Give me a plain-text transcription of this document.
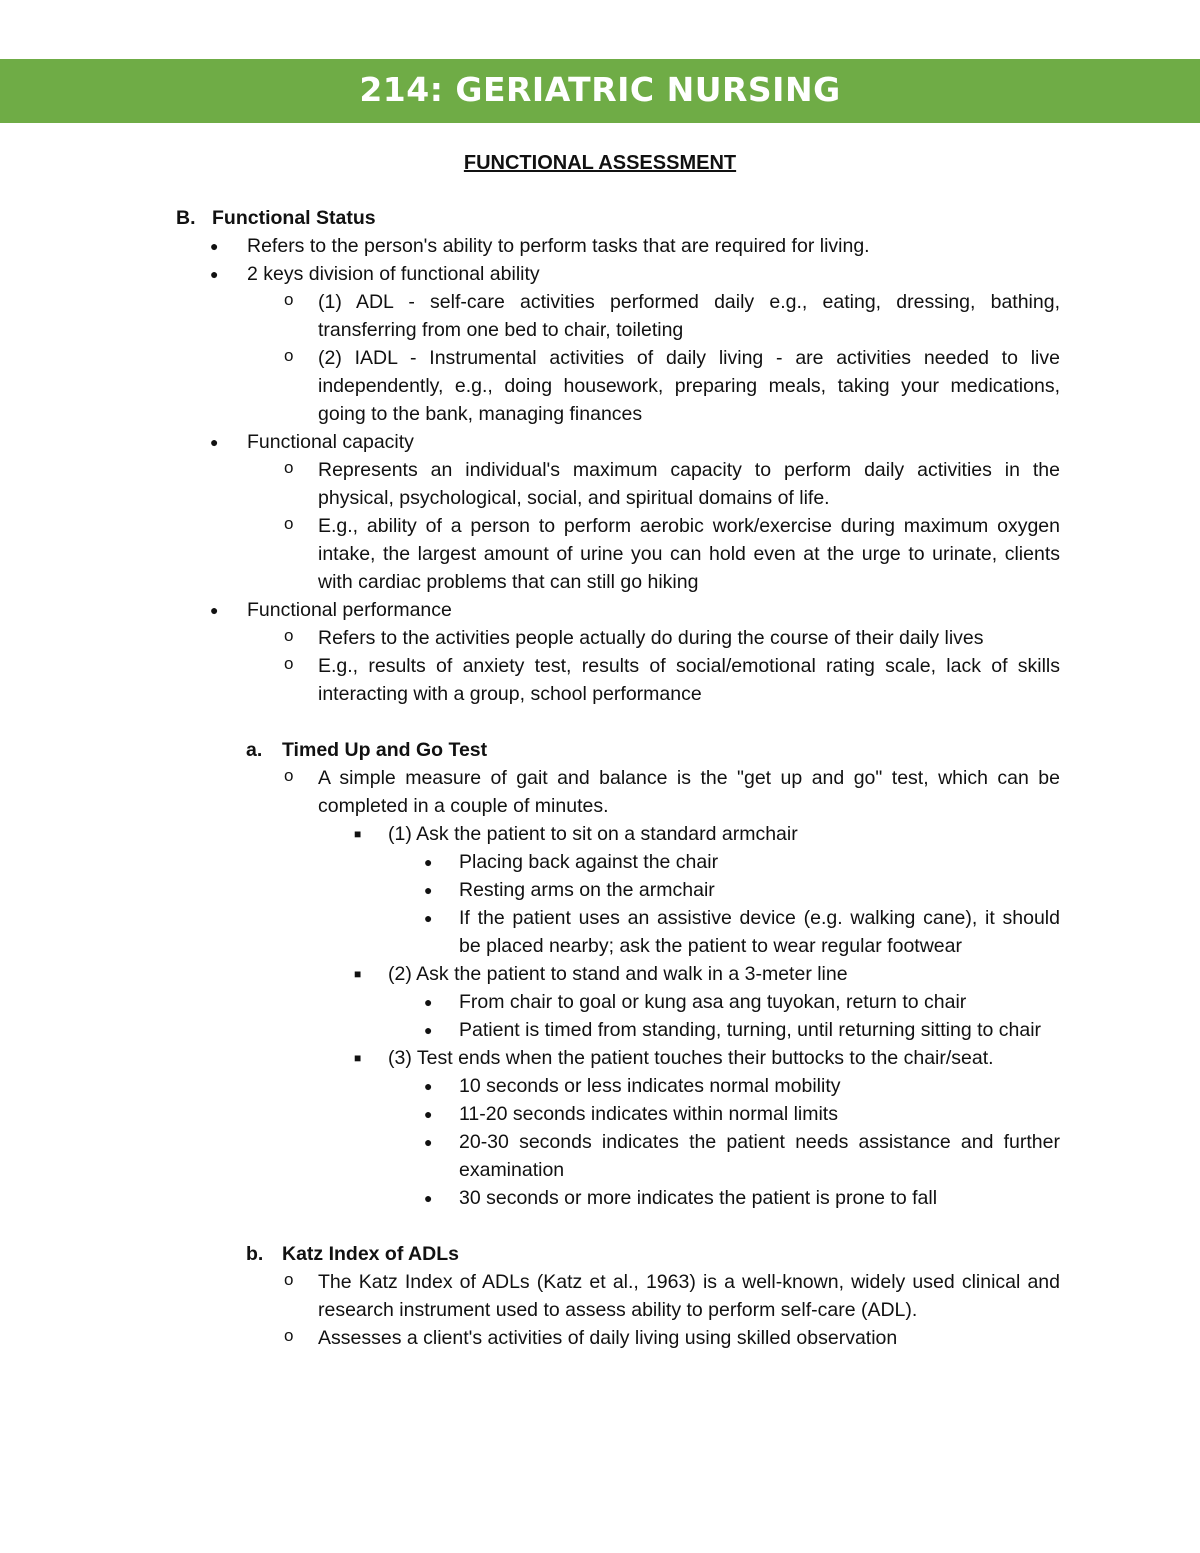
214: GERIATRIC NURSING
FUNCTIONAL ASSESSMENT
B. Functional Status
● Refers to the person's ability to perform tasks that are required for living.
● 2 keys division of functional ability
o (1) ADL - self-care activities performed daily e.g., eating, dressing, bathing, transferring from one bed to chair, toileting
o (2) IADL - Instrumental activities of daily living - are activities needed to live independently, e.g., doing housework, preparing meals, taking your medications, going to the bank, managing finances
● Functional capacity
o Represents an individual's maximum capacity to perform daily activities in the physical, psychological, social, and spiritual domains of life.
o E.g., ability of a person to perform aerobic work/exercise during maximum oxygen intake, the largest amount of urine you can hold even at the urge to urinate, clients with cardiac problems that can still go hiking
● Functional performance
o Refers to the activities people actually do during the course of their daily lives
o E.g., results of anxiety test, results of social/emotional rating scale, lack of skills interacting with a group, school performance
a. Timed Up and Go Test
o A simple measure of gait and balance is the "get up and go" test, which can be completed in a couple of minutes.
■ (1) Ask the patient to sit on a standard armchair
● Placing back against the chair
● Resting arms on the armchair
● If the patient uses an assistive device (e.g. walking cane), it should be placed nearby; ask the patient to wear regular footwear
■ (2) Ask the patient to stand and walk in a 3-meter line
● From chair to goal or kung asa ang tuyokan, return to chair
● Patient is timed from standing, turning, until returning sitting to chair
■ (3) Test ends when the patient touches their buttocks to the chair/seat.
● 10 seconds or less indicates normal mobility
● 11-20 seconds indicates within normal limits
● 20-30 seconds indicates the patient needs assistance and further examination
● 30 seconds or more indicates the patient is prone to fall
b. Katz Index of ADLs
o The Katz Index of ADLs (Katz et al., 1963) is a well-known, widely used clinical and research instrument used to assess ability to perform self-care (ADL).
o Assesses a client's activities of daily living using skilled observation
